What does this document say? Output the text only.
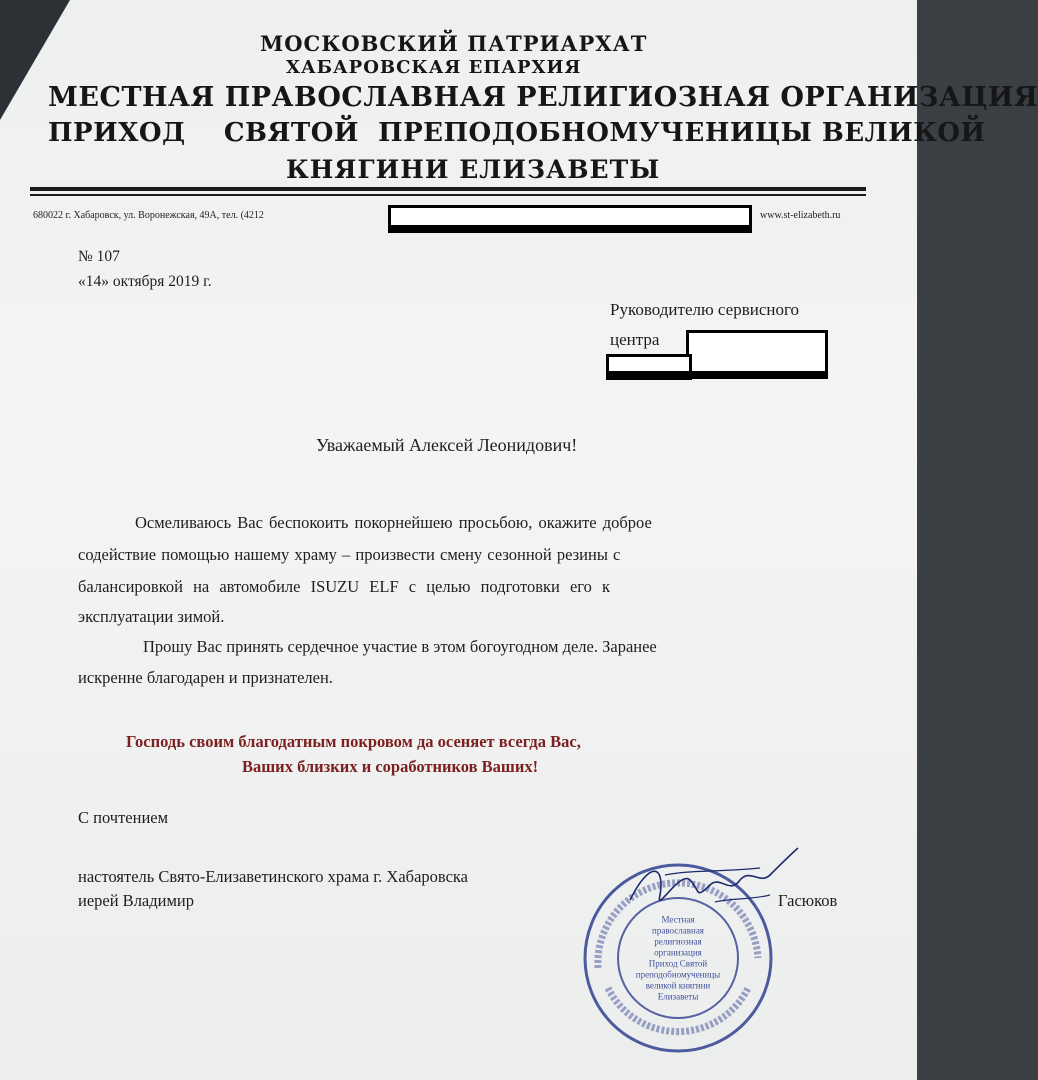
МОСКОВСКИЙ ПАТРИАРХАТ
ХАБАРОВСКАЯ ЕПАРХИЯ
МЕСТНАЯ ПРАВОСЛАВНАЯ РЕЛИГИОЗНАЯ ОРГАНИЗАЦИЯ
ПРИХОД    СВЯТОЙ  ПРЕПОДОБНОМУЧЕНИЦЫ ВЕЛИКОЙ
КНЯГИНИ ЕЛИЗАВЕТЫ
680022 г. Хабаровск, ул. Воронежская, 49А, тел. (4212	www.st-elizabeth.ru
№ 107
«14» октября 2019 г.
Руководителю сервисного
центра
Уважаемый Алексей Леонидович!
Осмеливаюсь Вас беспокоить покорнейшею просьбою, окажите доброе
содействие помощью нашему храму – произвести смену сезонной резины с
балансировкой на автомобиле ISUZU ELF с целью подготовки его к
эксплуатации зимой.
Прошу Вас принять сердечное участие в этом богоугодном деле. Заранее
искренне благодарен и признателен.
Господь своим благодатным покровом да осеняет всегда Вас,
Ваших близких и соработников Ваших!
С почтением
настоятель Свято-Елизаветинского храма г. Хабаровска
иерей Владимир	Гасюков
Местная
православная
религиозная
организация
Приход Святой
преподобномученицы
великой княгини
Елизаветы
